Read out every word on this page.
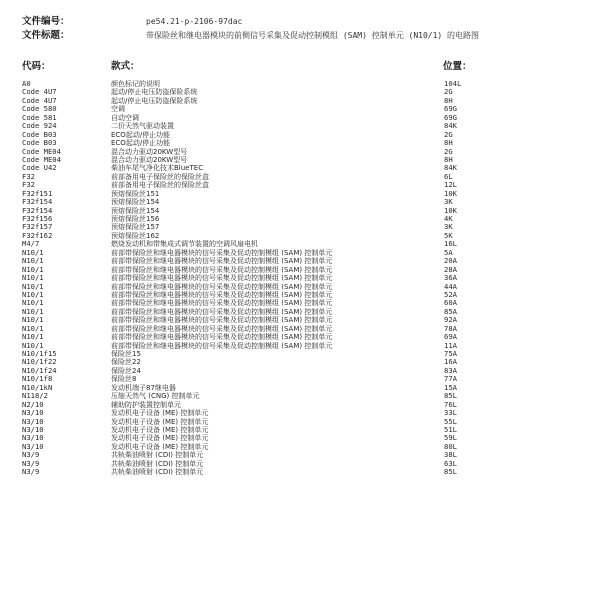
文件编号：	pe54.21-p-2106-97dac
文件标题：	带保险丝和继电器模块的前侧信号采集及促动控制模组 (SAM) 控制单元 (N10/1) 的电路图
代码：	款式：	位置：
A0	颜色标记的说明	104L
Code 4U7	起动/停止电压防盗保险系统	2G
Code 4U7	起动/停止电压防盗保险系统	8H
Code 580	空调	69G
Code 581	自动空调	69G
Code 924	二价天然气驱动装置	84K
Code B03	ECO起动/停止功能	2G
Code B03	ECO起动/停止功能	8H
Code ME04	混合动力驱动20KW型号	2G
Code ME04	混合动力驱动20KW型号	8H
Code U42	柴油车尾气净化技术BlueTEC	84K
F32	前部备用电子保险丝的保险丝盒	6L
F32	前部备用电子保险丝的保险丝盒	12L
F32f151	预熔保险丝151	10K
F32f154	预熔保险丝154	3K
F32f154	预熔保险丝154	10K
F32f156	预熔保险丝156	4K
F32f157	预熔保险丝157	3K
F32f162	预熔保险丝162	5K
M4/7	燃烧发动机和带集成式调节装置的空调风扇电机	16L
N10/1	前部带保险丝和继电器模块的信号采集及促动控制模组 (SAM) 控制单元	5A
N10/1	前部带保险丝和继电器模块的信号采集及促动控制模组 (SAM) 控制单元	20A
N10/1	前部带保险丝和继电器模块的信号采集及促动控制模组 (SAM) 控制单元	28A
N10/1	前部带保险丝和继电器模块的信号采集及促动控制模组 (SAM) 控制单元	36A
N10/1	前部带保险丝和继电器模块的信号采集及促动控制模组 (SAM) 控制单元	44A
N10/1	前部带保险丝和继电器模块的信号采集及促动控制模组 (SAM) 控制单元	52A
N10/1	前部带保险丝和继电器模块的信号采集及促动控制模组 (SAM) 控制单元	60A
N10/1	前部带保险丝和继电器模块的信号采集及促动控制模组 (SAM) 控制单元	85A
N10/1	前部带保险丝和继电器模块的信号采集及促动控制模组 (SAM) 控制单元	92A
N10/1	前部带保险丝和继电器模块的信号采集及促动控制模组 (SAM) 控制单元	78A
N10/1	前部带保险丝和继电器模块的信号采集及促动控制模组 (SAM) 控制单元	69A
N10/1	前部带保险丝和继电器模块的信号采集及促动控制模组 (SAM) 控制单元	11A
N10/1f15	保险丝15	75A
N10/1f22	保险丝22	16A
N10/1f24	保险丝24	83A
N10/1f8	保险丝8	77A
N10/1kN	发动机端子87继电器	15A
N118/2	压缩天然气 (CNG) 控制单元	85L
N2/10	辅助防护装置控制单元	76L
N3/10	发动机电子设备 (ME) 控制单元	33L
N3/10	发动机电子设备 (ME) 控制单元	55L
N3/10	发动机电子设备 (ME) 控制单元	51L
N3/10	发动机电子设备 (ME) 控制单元	59L
N3/10	发动机电子设备 (ME) 控制单元	80L
N3/9	共轨柴油喷射 (CDI) 控制单元	38L
N3/9	共轨柴油喷射 (CDI) 控制单元	63L
N3/9	共轨柴油喷射 (CDI) 控制单元	85L
